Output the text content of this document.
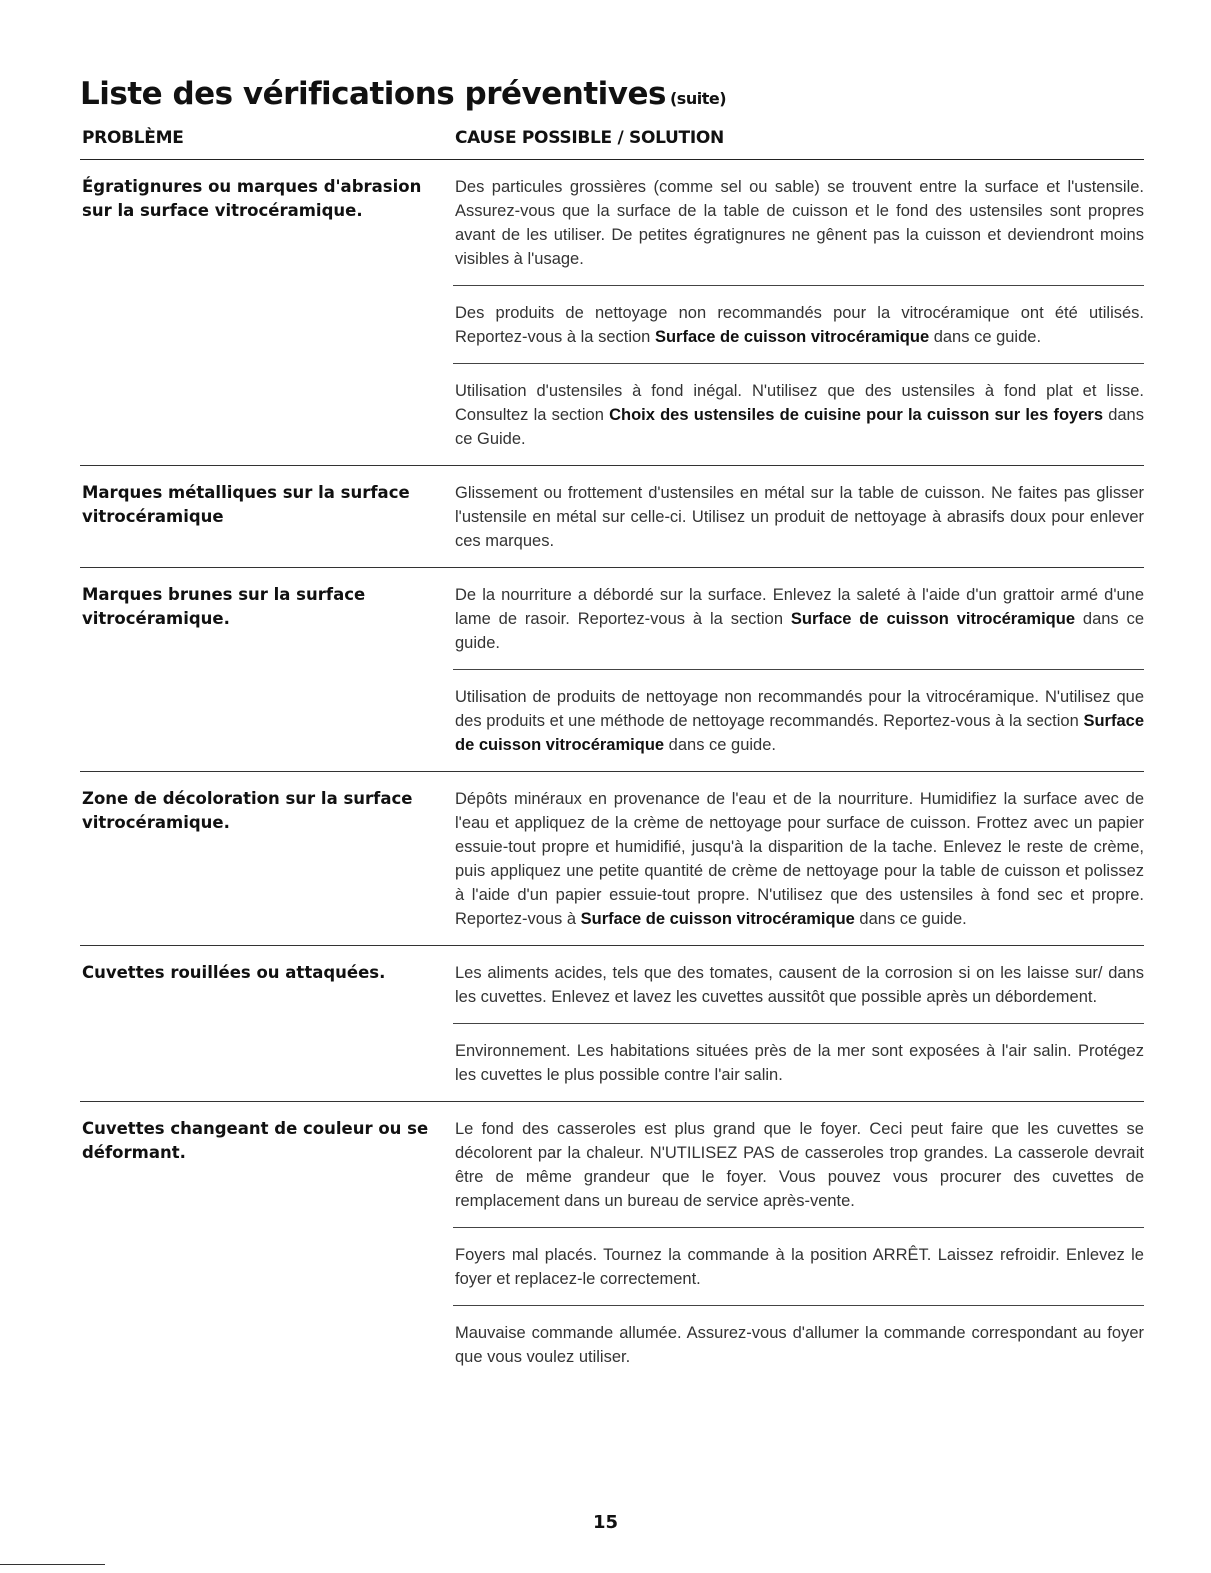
Liste des vérifications préventives (suite)
PROBLÈME	CAUSE POSSIBLE / SOLUTION
Égratignures ou marques d'abrasion sur la surface vitrocéramique.
Des particules grossières (comme sel ou sable) se trouvent entre la surface et l'ustensile. Assurez-vous que la surface de la table de cuisson et le fond des ustensiles sont propres avant de les utiliser. De petites égratignures ne gênent pas la cuisson et deviendront moins visibles à l'usage.
Des produits de nettoyage non recommandés pour la vitrocéramique ont été utilisés. Reportez-vous à la section Surface de cuisson vitrocéramique dans ce guide.
Utilisation d'ustensiles à fond inégal. N'utilisez que des ustensiles à fond plat et lisse. Consultez la section Choix des ustensiles de cuisine pour la cuisson sur les foyers dans ce Guide.
Marques métalliques sur la surface vitrocéramique
Glissement ou frottement d'ustensiles en métal sur la table de cuisson. Ne faites pas glisser l'ustensile en métal sur celle-ci. Utilisez un produit de nettoyage à abrasifs doux pour enlever ces marques.
Marques brunes sur la surface vitrocéramique.
De la nourriture a débordé sur la surface. Enlevez la saleté à l'aide d'un grattoir armé d'une lame de rasoir. Reportez-vous à la section Surface de cuisson vitrocéramique dans ce guide.
Utilisation de produits de nettoyage non recommandés pour la vitrocéramique. N'utilisez que des produits et une méthode de nettoyage recommandés. Reportez-vous à la section Surface de cuisson vitrocéramique dans ce guide.
Zone de décoloration sur la surface vitrocéramique.
Dépôts minéraux en provenance de l'eau et de la nourriture. Humidifiez la surface avec de l'eau et appliquez de la crème de nettoyage pour surface de cuisson. Frottez avec un papier essuie-tout propre et humidifié, jusqu'à la disparition de la tache. Enlevez le reste de crème, puis appliquez une petite quantité de crème de nettoyage pour la table de cuisson et polissez à l'aide d'un papier essuie-tout propre. N'utilisez que des ustensiles à fond sec et propre. Reportez-vous à Surface de cuisson vitrocéramique dans ce guide.
Cuvettes rouillées ou attaquées.	Les aliments acides, tels que des tomates, causent de la corrosion si on les laisse sur/ dans les cuvettes. Enlevez et lavez les cuvettes aussitôt que possible après un débordement.
Environnement. Les habitations situées près de la mer sont exposées à l'air salin. Protégez les cuvettes le plus possible contre l'air salin.
Cuvettes changeant de couleur ou se déformant.
Le fond des casseroles est plus grand que le foyer. Ceci peut faire que les cuvettes se décolorent par la chaleur. N'UTILISEZ PAS de casseroles trop grandes. La casserole devrait être de même grandeur que le foyer. Vous pouvez vous procurer des cuvettes de remplacement dans un bureau de service après-vente.
Foyers mal placés. Tournez la commande à la position ARRÊT. Laissez refroidir. Enlevez le foyer et replacez-le correctement.
Mauvaise commande allumée. Assurez-vous d'allumer la commande correspondant au foyer que vous voulez utiliser.
15
